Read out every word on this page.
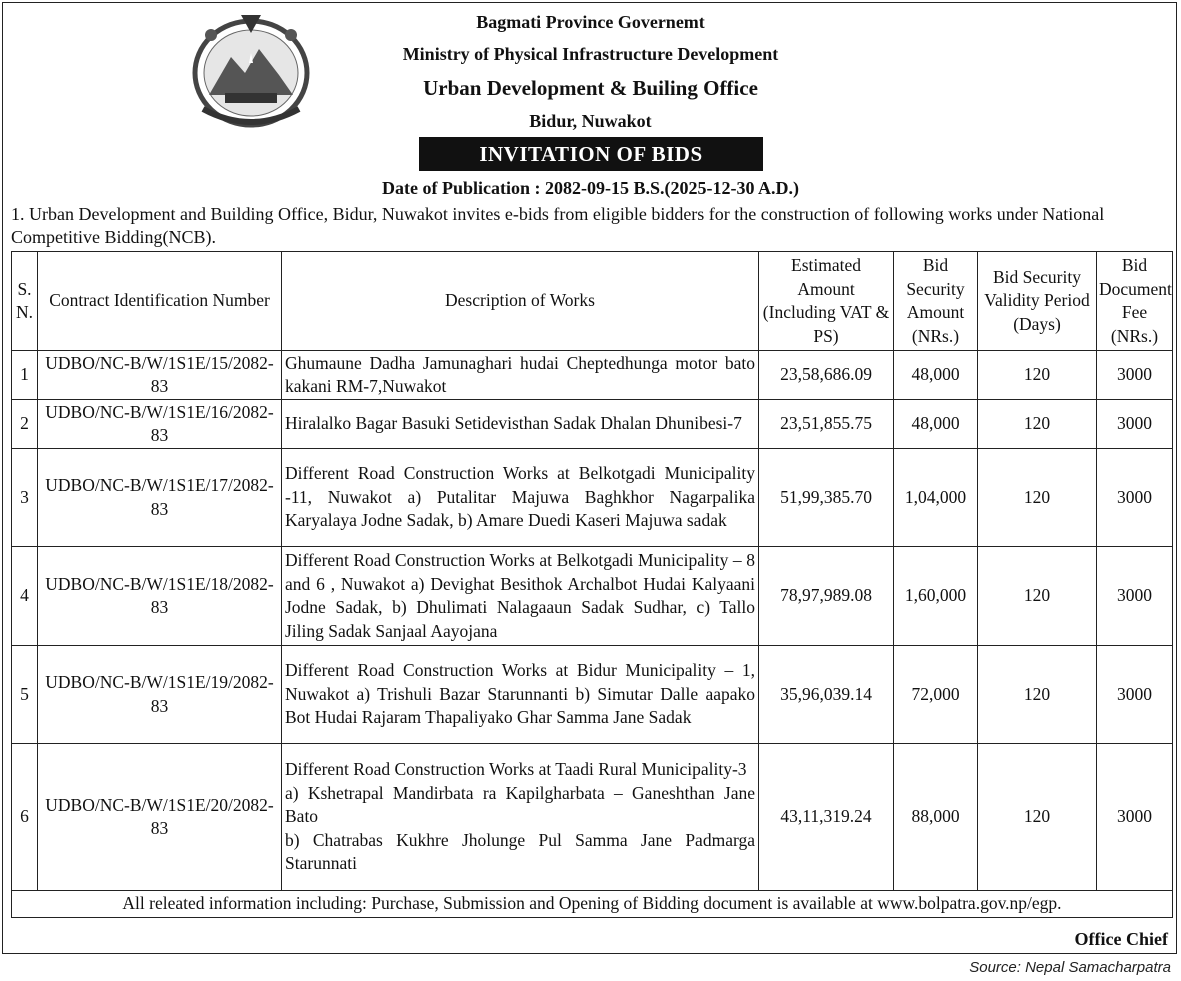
Bagmati Province Governemt
Ministry of Physical Infrastructure Development
Urban Development & Builing Office
Bidur, Nuwakot
INVITATION OF BIDS
Date of Publication : 2082-09-15 B.S.(2025-12-30 A.D.)
1. Urban Development and Building Office, Bidur, Nuwakot invites e-bids from eligible bidders for the construction of following works under National Competitive Bidding(NCB).

S. N.	Contract Identification Number	Description of Works	Estimated Amount (Including VAT & PS)	Bid Security Amount (NRs.)	Bid Security Validity Period (Days)	Bid Document Fee (NRs.)
1	UDBO/NC-B/W/1S1E/15/2082-83	Ghumaune Dadha Jamunaghari hudai Cheptedhunga motor bato kakani RM-7,Nuwakot	23,58,686.09	48,000	120	3000
2	UDBO/NC-B/W/1S1E/16/2082-83	Hiralalko Bagar Basuki Setidevisthan Sadak Dhalan Dhunibesi-7	23,51,855.75	48,000	120	3000
3	UDBO/NC-B/W/1S1E/17/2082-83	Different Road Construction Works at Belkotgadi Municipality -11, Nuwakot a) Putalitar Majuwa Baghkhor Nagarpalika Karyalaya Jodne Sadak, b) Amare Duedi Kaseri Majuwa sadak	51,99,385.70	1,04,000	120	3000
4	UDBO/NC-B/W/1S1E/18/2082-83	Different Road Construction Works at Belkotgadi Municipality – 8 and 6 , Nuwakot a) Devighat Besithok Archalbot Hudai Kalyaani Jodne Sadak, b) Dhulimati Nalagaaun Sadak Sudhar, c) Tallo Jiling Sadak Sanjaal Aayojana	78,97,989.08	1,60,000	120	3000
5	UDBO/NC-B/W/1S1E/19/2082-83	Different Road Construction Works at Bidur Municipality – 1, Nuwakot a) Trishuli Bazar Starunnanti b) Simutar Dalle aapako Bot Hudai Rajaram Thapaliyako Ghar Samma Jane Sadak	35,96,039.14	72,000	120	3000
6	UDBO/NC-B/W/1S1E/20/2082-83	Different Road Construction Works at Taadi Rural Municipality-3
a) Kshetrapal Mandirbata ra Kapilgharbata – Ganeshthan Jane Bato
b) Chatrabas Kukhre Jholunge Pul Samma Jane Padmarga Starunnati	43,11,319.24	88,000	120	3000
All releated information including: Purchase, Submission and Opening of Bidding document is available at www.bolpatra.gov.np/egp.						
Office Chief
Source: Nepal Samacharpatra
